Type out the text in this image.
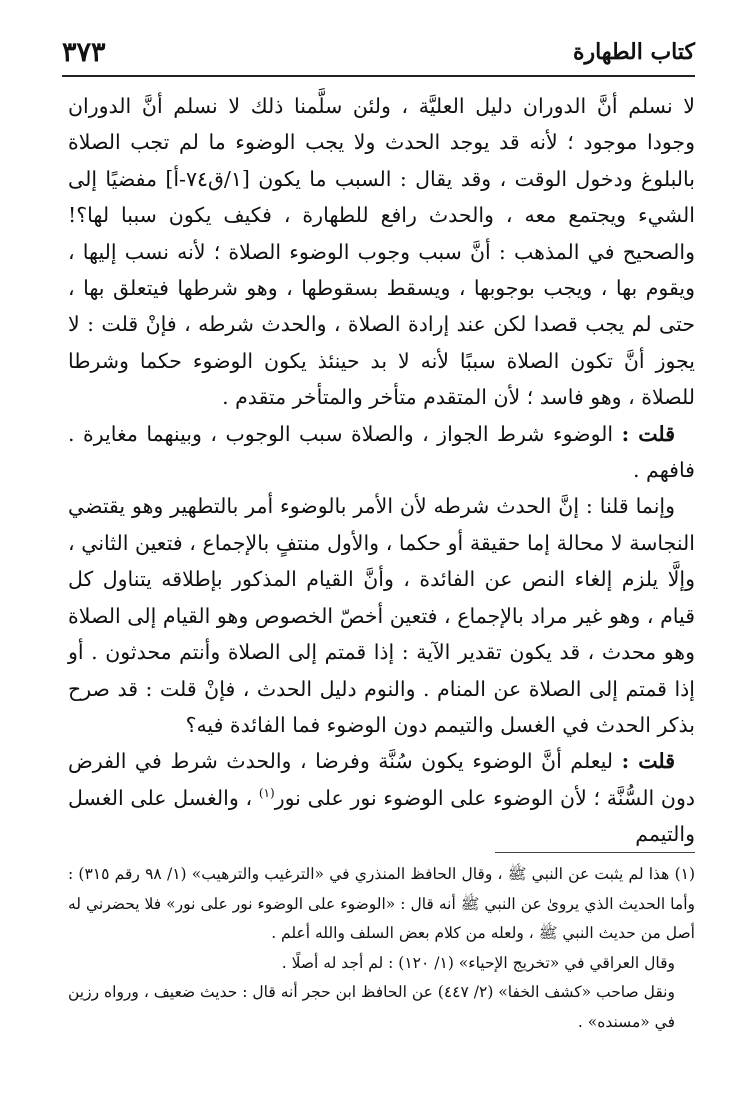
كتاب الطهارة
٣٧٣

لا نسلم أنَّ الدوران دليل العليَّة ، ولئن سلَّمنا ذلك لا نسلم أنَّ الدوران وجودا موجود ؛ لأنه قد يوجد الحدث ولا يجب الوضوء ما لم تجب الصلاة بالبلوغ ودخول الوقت ، وقد يقال : السبب ما يكون [١/ق٧٤-أ] مفضيًا إلى الشيء ويجتمع معه ، والحدث رافع للطهارة ، فكيف يكون سببا لها؟! والصحيح في المذهب : أنَّ سبب وجوب الوضوء الصلاة ؛ لأنه نسب إليها ، ويقوم بها ، ويجب بوجوبها ، ويسقط بسقوطها ، وهو شرطها فيتعلق بها ، حتى لم يجب قصدا لكن عند إرادة الصلاة ، والحدث شرطه ، فإنْ قلت : لا يجوز أنَّ تكون الصلاة سببًا لأنه لا بد حينئذ يكون الوضوء حكما وشرطا للصلاة ، وهو فاسد ؛ لأن المتقدم متأخر والمتأخر متقدم .

قلت : الوضوء شرط الجواز ، والصلاة سبب الوجوب ، وبينهما مغايرة . فافهم .

وإنما قلنا : إنَّ الحدث شرطه لأن الأمر بالوضوء أمر بالتطهير وهو يقتضي النجاسة لا محالة إما حقيقة أو حكما ، والأول منتفٍ بالإجماع ، فتعين الثاني ، وإلَّا يلزم إلغاء النص عن الفائدة ، وأنَّ القيام المذكور بإطلاقه يتناول كل قيام ، وهو غير مراد بالإجماع ، فتعين أخصّ الخصوص وهو القيام إلى الصلاة وهو محدث ، قد يكون تقدير الآية : إذا قمتم إلى الصلاة وأنتم محدثون . أو إذا قمتم إلى الصلاة عن المنام . والنوم دليل الحدث ، فإنْ قلت : قد صرح بذكر الحدث في الغسل والتيمم دون الوضوء فما الفائدة فيه؟

قلت : ليعلم أنَّ الوضوء يكون سُنَّة وفرضا ، والحدث شرط في الفرض دون السُّنَّة ؛ لأن الوضوء على الوضوء نور على نور$^{(١)}$ ، والغسل على الغسل والتيمم

(١) هذا لم يثبت عن النبي ﷺ ، وقال الحافظ المنذري في «الترغيب والترهيب» (١/ ٩٨ رقم ٣١٥) : وأما الحديث الذي يروىٰ عن النبي ﷺ أنه قال : «الوضوء على الوضوء نور على نور» فلا يحضرني له أصل من حديث النبي ﷺ ، ولعله من كلام بعض السلف والله أعلم .

وقال العراقي في «تخريج الإحياء» (١/ ١٢٠) : لم أجد له أصلًا .

ونقل صاحب «كشف الخفا» (٢/ ٤٤٧) عن الحافظ ابن حجر أنه قال : حديث ضعيف ، ورواه رزين في «مسنده» .
